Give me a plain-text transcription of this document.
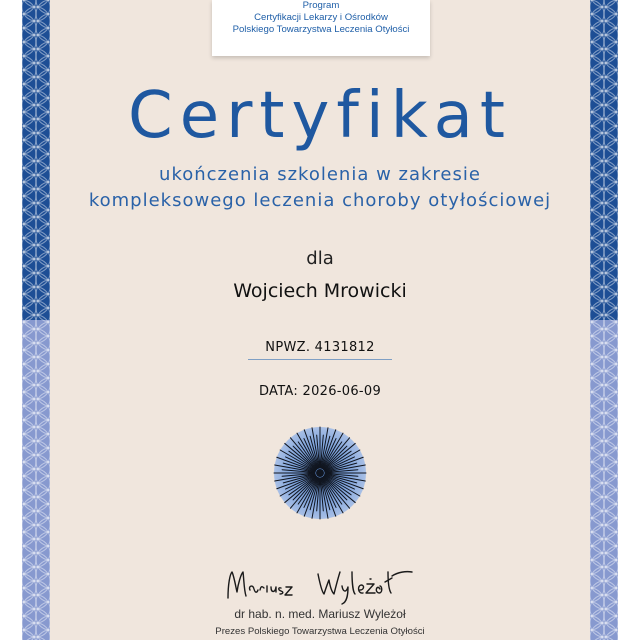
Program
Certyfikacji Lekarzy i Ośrodków
Polskiego Towarzystwa Leczenia Otyłości
Certyfikat
ukończenia szkolenia w zakresie
kompleksowego leczenia choroby otyłościowej
dla
Wojciech Mrowicki
NPWZ. 4131812
DATA: 2026-06-09
dr hab. n. med. Mariusz Wyleżoł
Prezes Polskiego Towarzystwa Leczenia Otyłości
